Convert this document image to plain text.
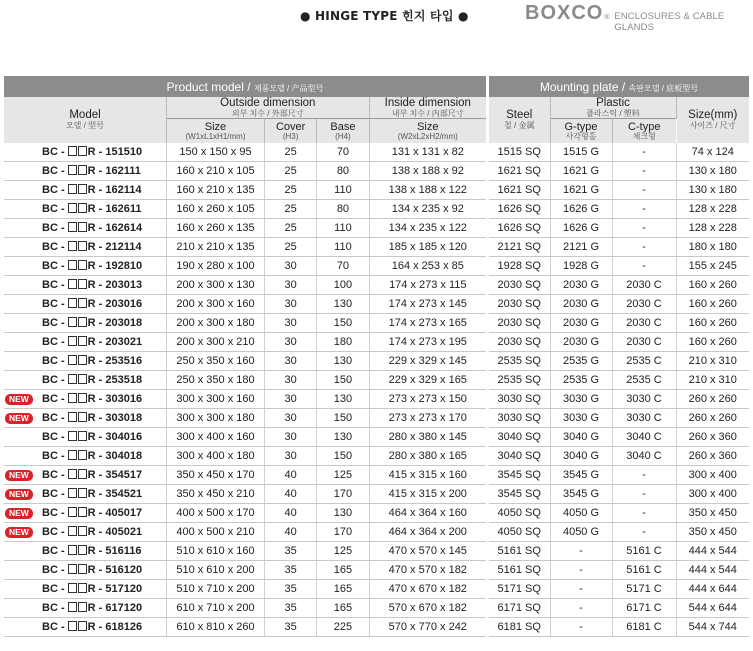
● HINGE TYPE 힌지 타입 ●	BOXCO ® ENCLOSURES & CABLE GLANDS
Product model / 제품모델 / 产品型号				
Model
모델 / 型号	Outside dimension
외부 치수 / 外部尺寸			Inside dimension
내부 치수 / 内部尺寸

	Size
(W1xL1xH1/mm)	Cover
(H3)	Base
(H4)	Size
(W2xL2xH2/mm)

BC - R - 151510	150 x 150 x 95	25	70	131 x 131 x 82

BC - R - 162111	160 x 210 x 105	25	80	138 x 188 x 92

BC - R - 162114	160 x 210 x 135	25	110	138 x 188 x 122

BC - R - 162611	160 x 260 x 105	25	80	134 x 235 x 92

BC - R - 162614	160 x 260 x 135	25	110	134 x 235 x 122

BC - R - 212114	210 x 210 x 135	25	110	185 x 185 x 120

BC - R - 192810	190 x 280 x 100	30	70	164 x 253 x 85

BC - R - 203013	200 x 300 x 130	30	100	174 x 273 x 115

BC - R - 203016	200 x 300 x 160	30	130	174 x 273 x 145

BC - R - 203018	200 x 300 x 180	30	150	174 x 273 x 165

BC - R - 203021	200 x 300 x 210	30	180	174 x 273 x 195

BC - R - 253516	250 x 350 x 160	30	130	229 x 329 x 145

BC - R - 253518	250 x 350 x 180	30	150	229 x 329 x 165

NEW BC - R - 303016	300 x 300 x 160	30	130	273 x 273 x 150

NEW BC - R - 303018	300 x 300 x 180	30	150	273 x 273 x 170

BC - R - 304016	300 x 400 x 160	30	130	280 x 380 x 145

BC - R - 304018	300 x 400 x 180	30	150	280 x 380 x 165

NEW BC - R - 354517	350 x 450 x 170	40	125	415 x 315 x 160

NEW BC - R - 354521	350 x 450 x 210	40	170	415 x 315 x 200

NEW BC - R - 405017	400 x 500 x 170	40	130	464 x 364 x 160

NEW BC - R - 405021	400 x 500 x 210	40	170	464 x 364 x 200

BC - R - 516116	510 x 610 x 160	35	125	470 x 570 x 145

BC - R - 516120	510 x 610 x 200	35	165	470 x 570 x 182

BC - R - 517120	510 x 710 x 200	35	165	470 x 670 x 182

BC - R - 617120	610 x 710 x 200	35	165	570 x 670 x 182

BC - R - 618126	610 x 810 x 260	35	225	570 x 770 x 242
Mounting plate / 속판모델 / 底板型号			
Steel
철 / 金属	Plastic
플라스틱 / 塑料		Size(mm)
사이즈 / 尺寸

	G-type
사각형홀	C-type
체크형	

1515 SQ	1515 G	-	74 x 124
1621 SQ	1621 G	-	130 x 180
1621 SQ	1621 G	-	130 x 180
1626 SQ	1626 G	-	128 x 228
1626 SQ	1626 G	-	128 x 228
2121 SQ	2121 G	-	180 x 180
1928 SQ	1928 G	-	155 x 245
2030 SQ	2030 G	2030 C	160 x 260
2030 SQ	2030 G	2030 C	160 x 260
2030 SQ	2030 G	2030 C	160 x 260
2030 SQ	2030 G	2030 C	160 x 260
2535 SQ	2535 G	2535 C	210 x 310
2535 SQ	2535 G	2535 C	210 x 310
3030 SQ	3030 G	3030 C	260 x 260
3030 SQ	3030 G	3030 C	260 x 260
3040 SQ	3040 G	3040 C	260 x 360
3040 SQ	3040 G	3040 C	260 x 360
3545 SQ	3545 G	-	300 x 400
3545 SQ	3545 G	-	300 x 400
4050 SQ	4050 G	-	350 x 450
4050 SQ	4050 G	-	350 x 450
5161 SQ	-	5161 C	444 x 544
5161 SQ	-	5161 C	444 x 544
5171 SQ	-	5171 C	444 x 644
6171 SQ	-	6171 C	544 x 644
6181 SQ	-	6181 C	544 x 744
